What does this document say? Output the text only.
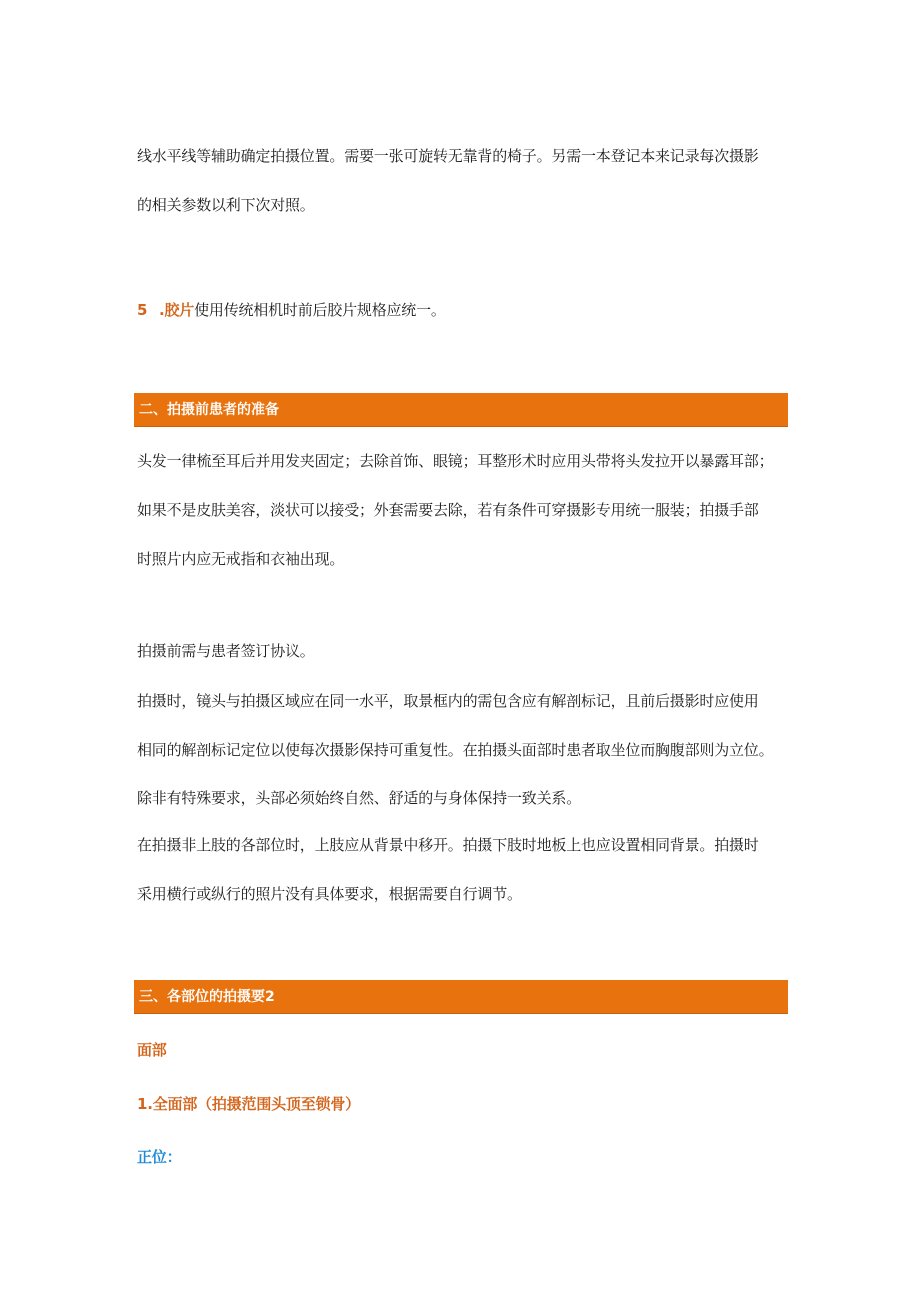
线水平线等辅助确定拍摄位置。需要一张可旋转无靠背的椅子。另需一本登记本来记录每次摄影
的相关参数以利下次对照。
5 .胶片使用传统相机时前后胶片规格应统一。
二、拍摄前患者的准备
头发一律梳至耳后并用发夹固定；去除首饰、眼镜；耳整形术时应用头带将头发拉开以暴露耳部；
如果不是皮肤美容，淡状可以接受；外套需要去除，若有条件可穿摄影专用统一服装；拍摄手部
时照片内应无戒指和衣袖出现。
拍摄前需与患者签订协议。
拍摄时，镜头与拍摄区域应在同一水平，取景框内的需包含应有解剖标记，且前后摄影时应使用
相同的解剖标记定位以使每次摄影保持可重复性。在拍摄头面部时患者取坐位而胸腹部则为立位。
除非有特殊要求，头部必须始终自然、舒适的与身体保持一致关系。
在拍摄非上肢的各部位时，上肢应从背景中移开。拍摄下肢时地板上也应设置相同背景。拍摄时
采用横行或纵行的照片没有具体要求，根据需要自行调节。
三、各部位的拍摄要2
面部
1.全面部（拍摄范围头顶至锁骨）
正位：
